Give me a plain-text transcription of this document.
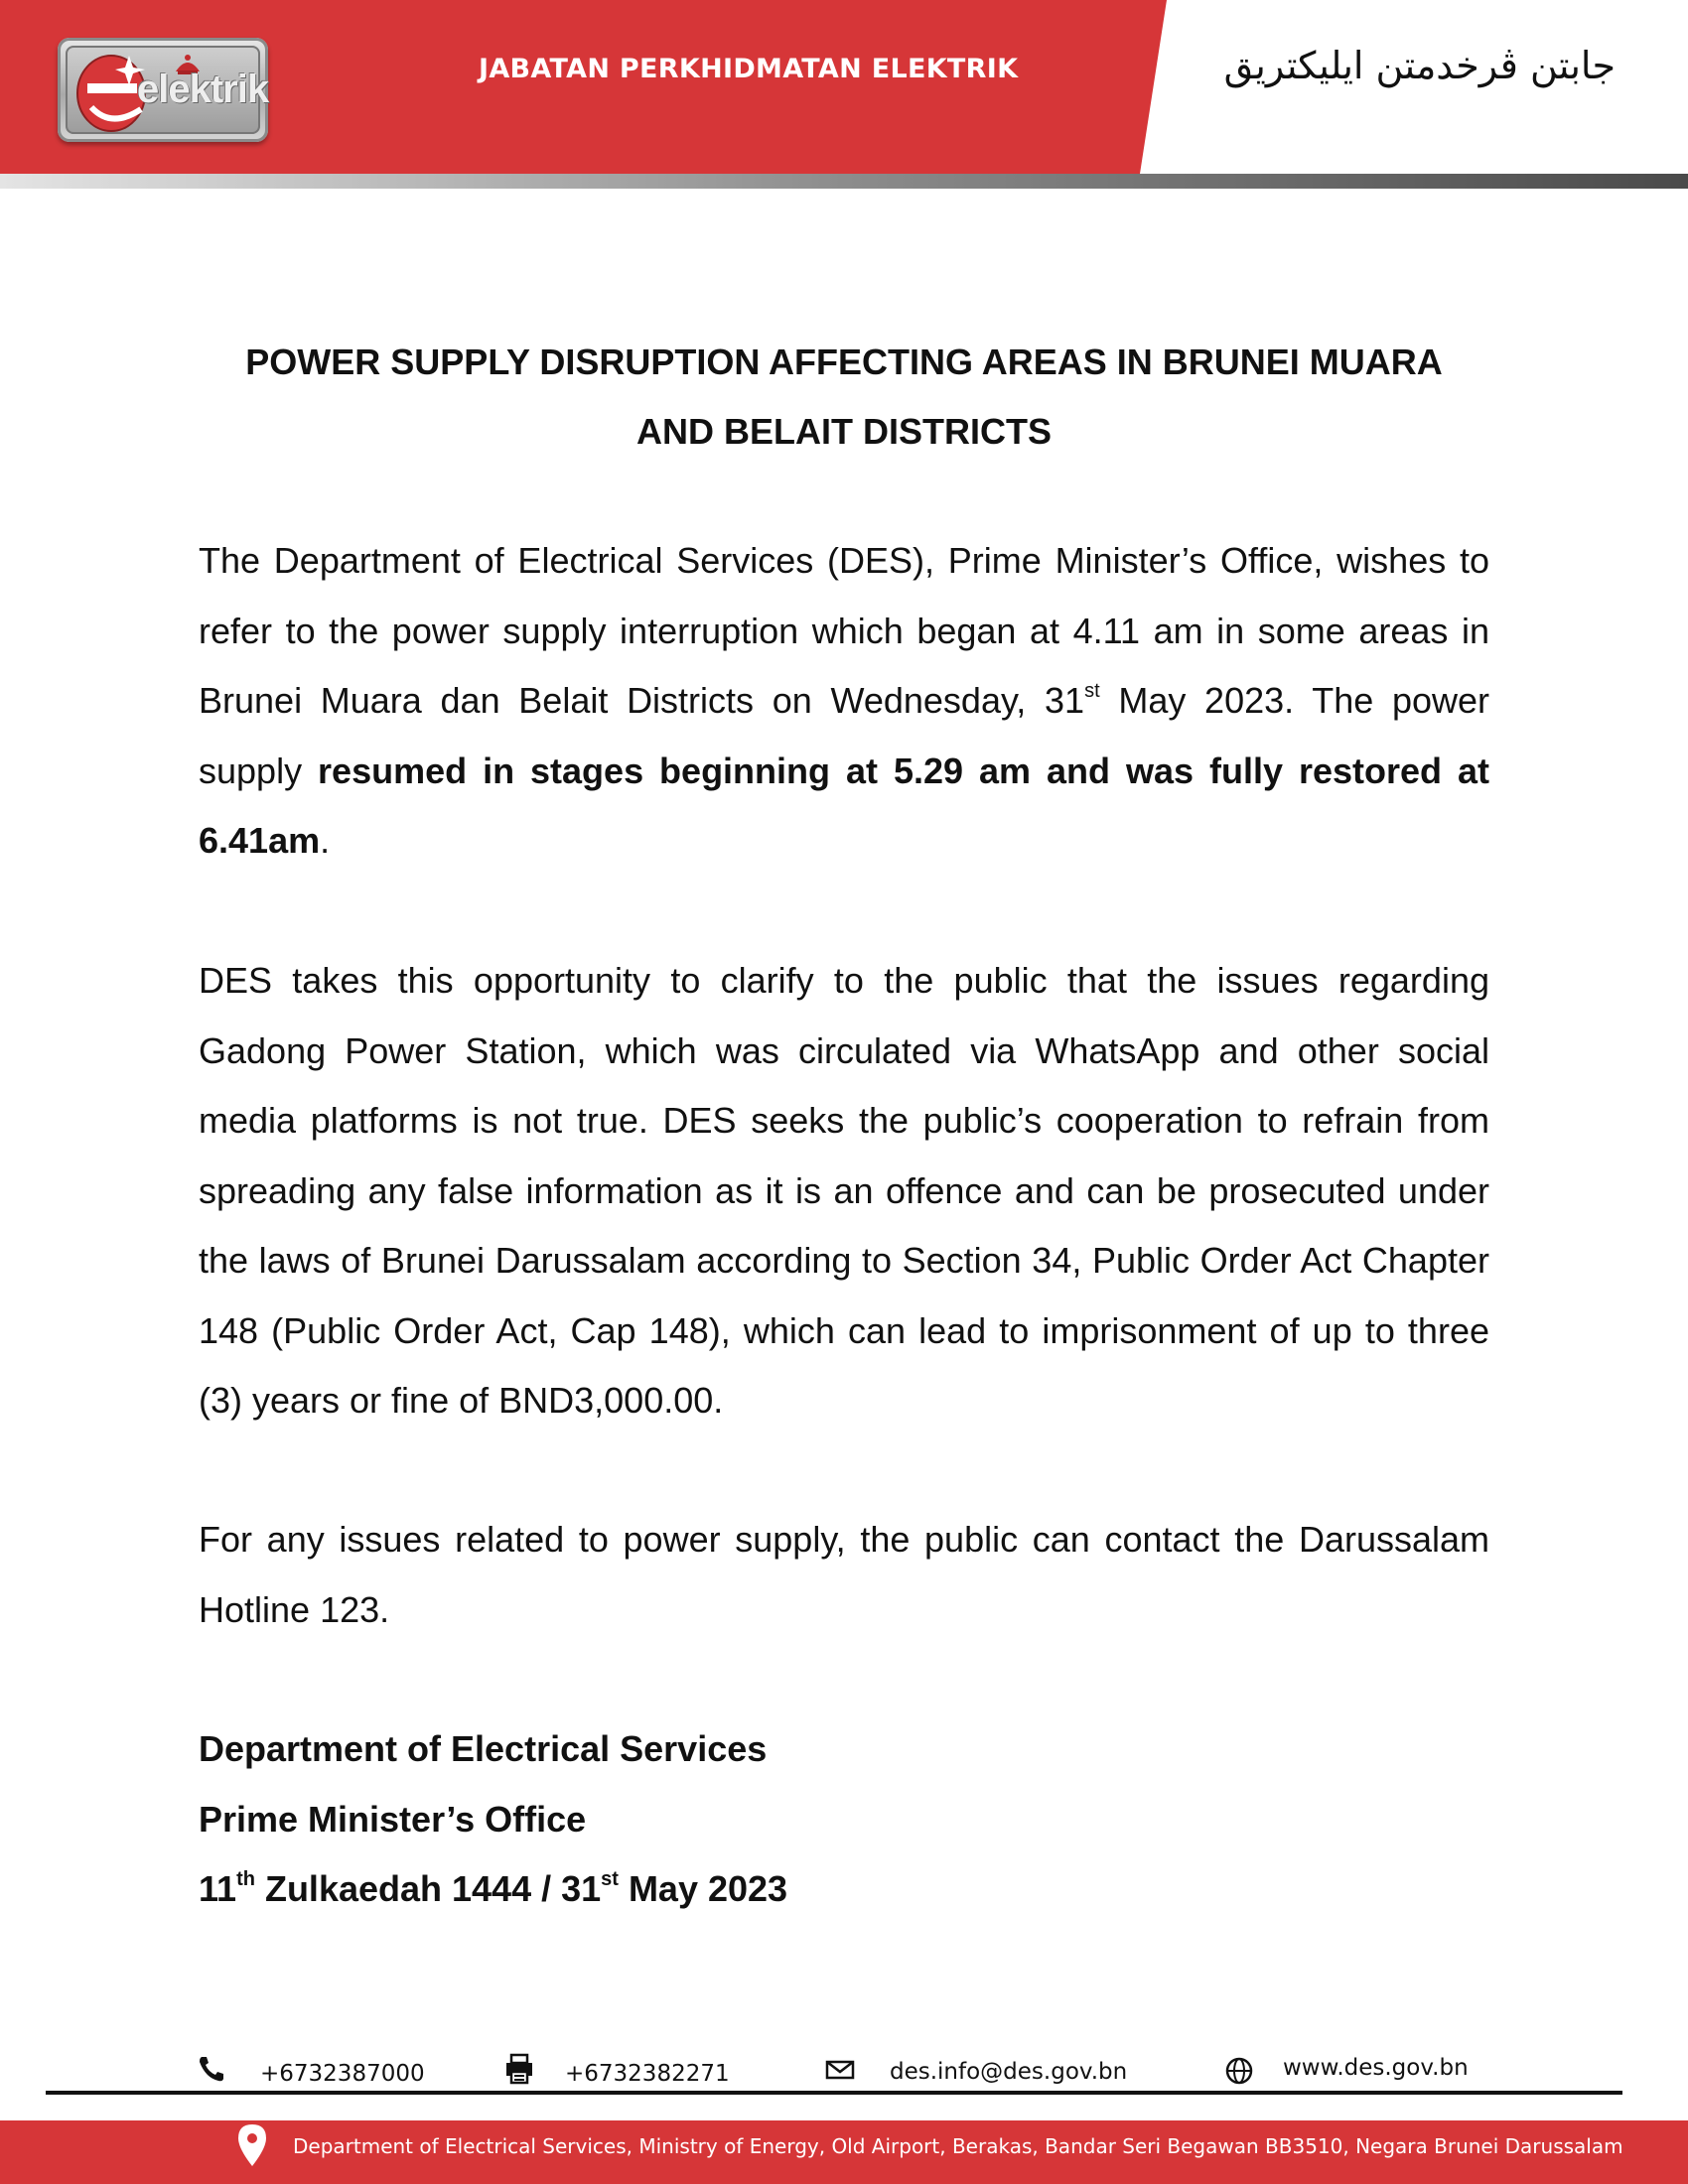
elektrik	JABATAN PERKHIDMATAN ELEKTRIK	جابتن ڤرخدمتن ايليكتريق
POWER SUPPLY DISRUPTION AFFECTING AREAS IN BRUNEI MUARA
AND BELAIT DISTRICTS
The Department of Electrical Services (DES), Prime Minister’s Office, wishes to refer to the power supply interruption which began at 4.11 am in some areas in Brunei Muara dan Belait Districts on Wednesday, 31st May 2023. The power supply resumed in stages beginning at 5.29 am and was fully restored at 6.41am.
DES takes this opportunity to clarify to the public that the issues regarding Gadong Power Station, which was circulated via WhatsApp and other social media platforms is not true. DES seeks the public’s cooperation to refrain from spreading any false information as it is an offence and can be prosecuted under the laws of Brunei Darussalam according to Section 34, Public Order Act Chapter 148 (Public Order Act, Cap 148), which can lead to imprisonment of up to three (3) years or fine of BND3,000.00.
For any issues related to power supply, the public can contact the Darussalam Hotline 123.
Department of Electrical Services
Prime Minister’s Office
11th Zulkaedah 1444 / 31st May 2023
+6732387000	+6732382271	des.info@des.gov.bn	www.des.gov.bn
Department of Electrical Services, Ministry of Energy, Old Airport, Berakas, Bandar Seri Begawan BB3510, Negara Brunei Darussalam
